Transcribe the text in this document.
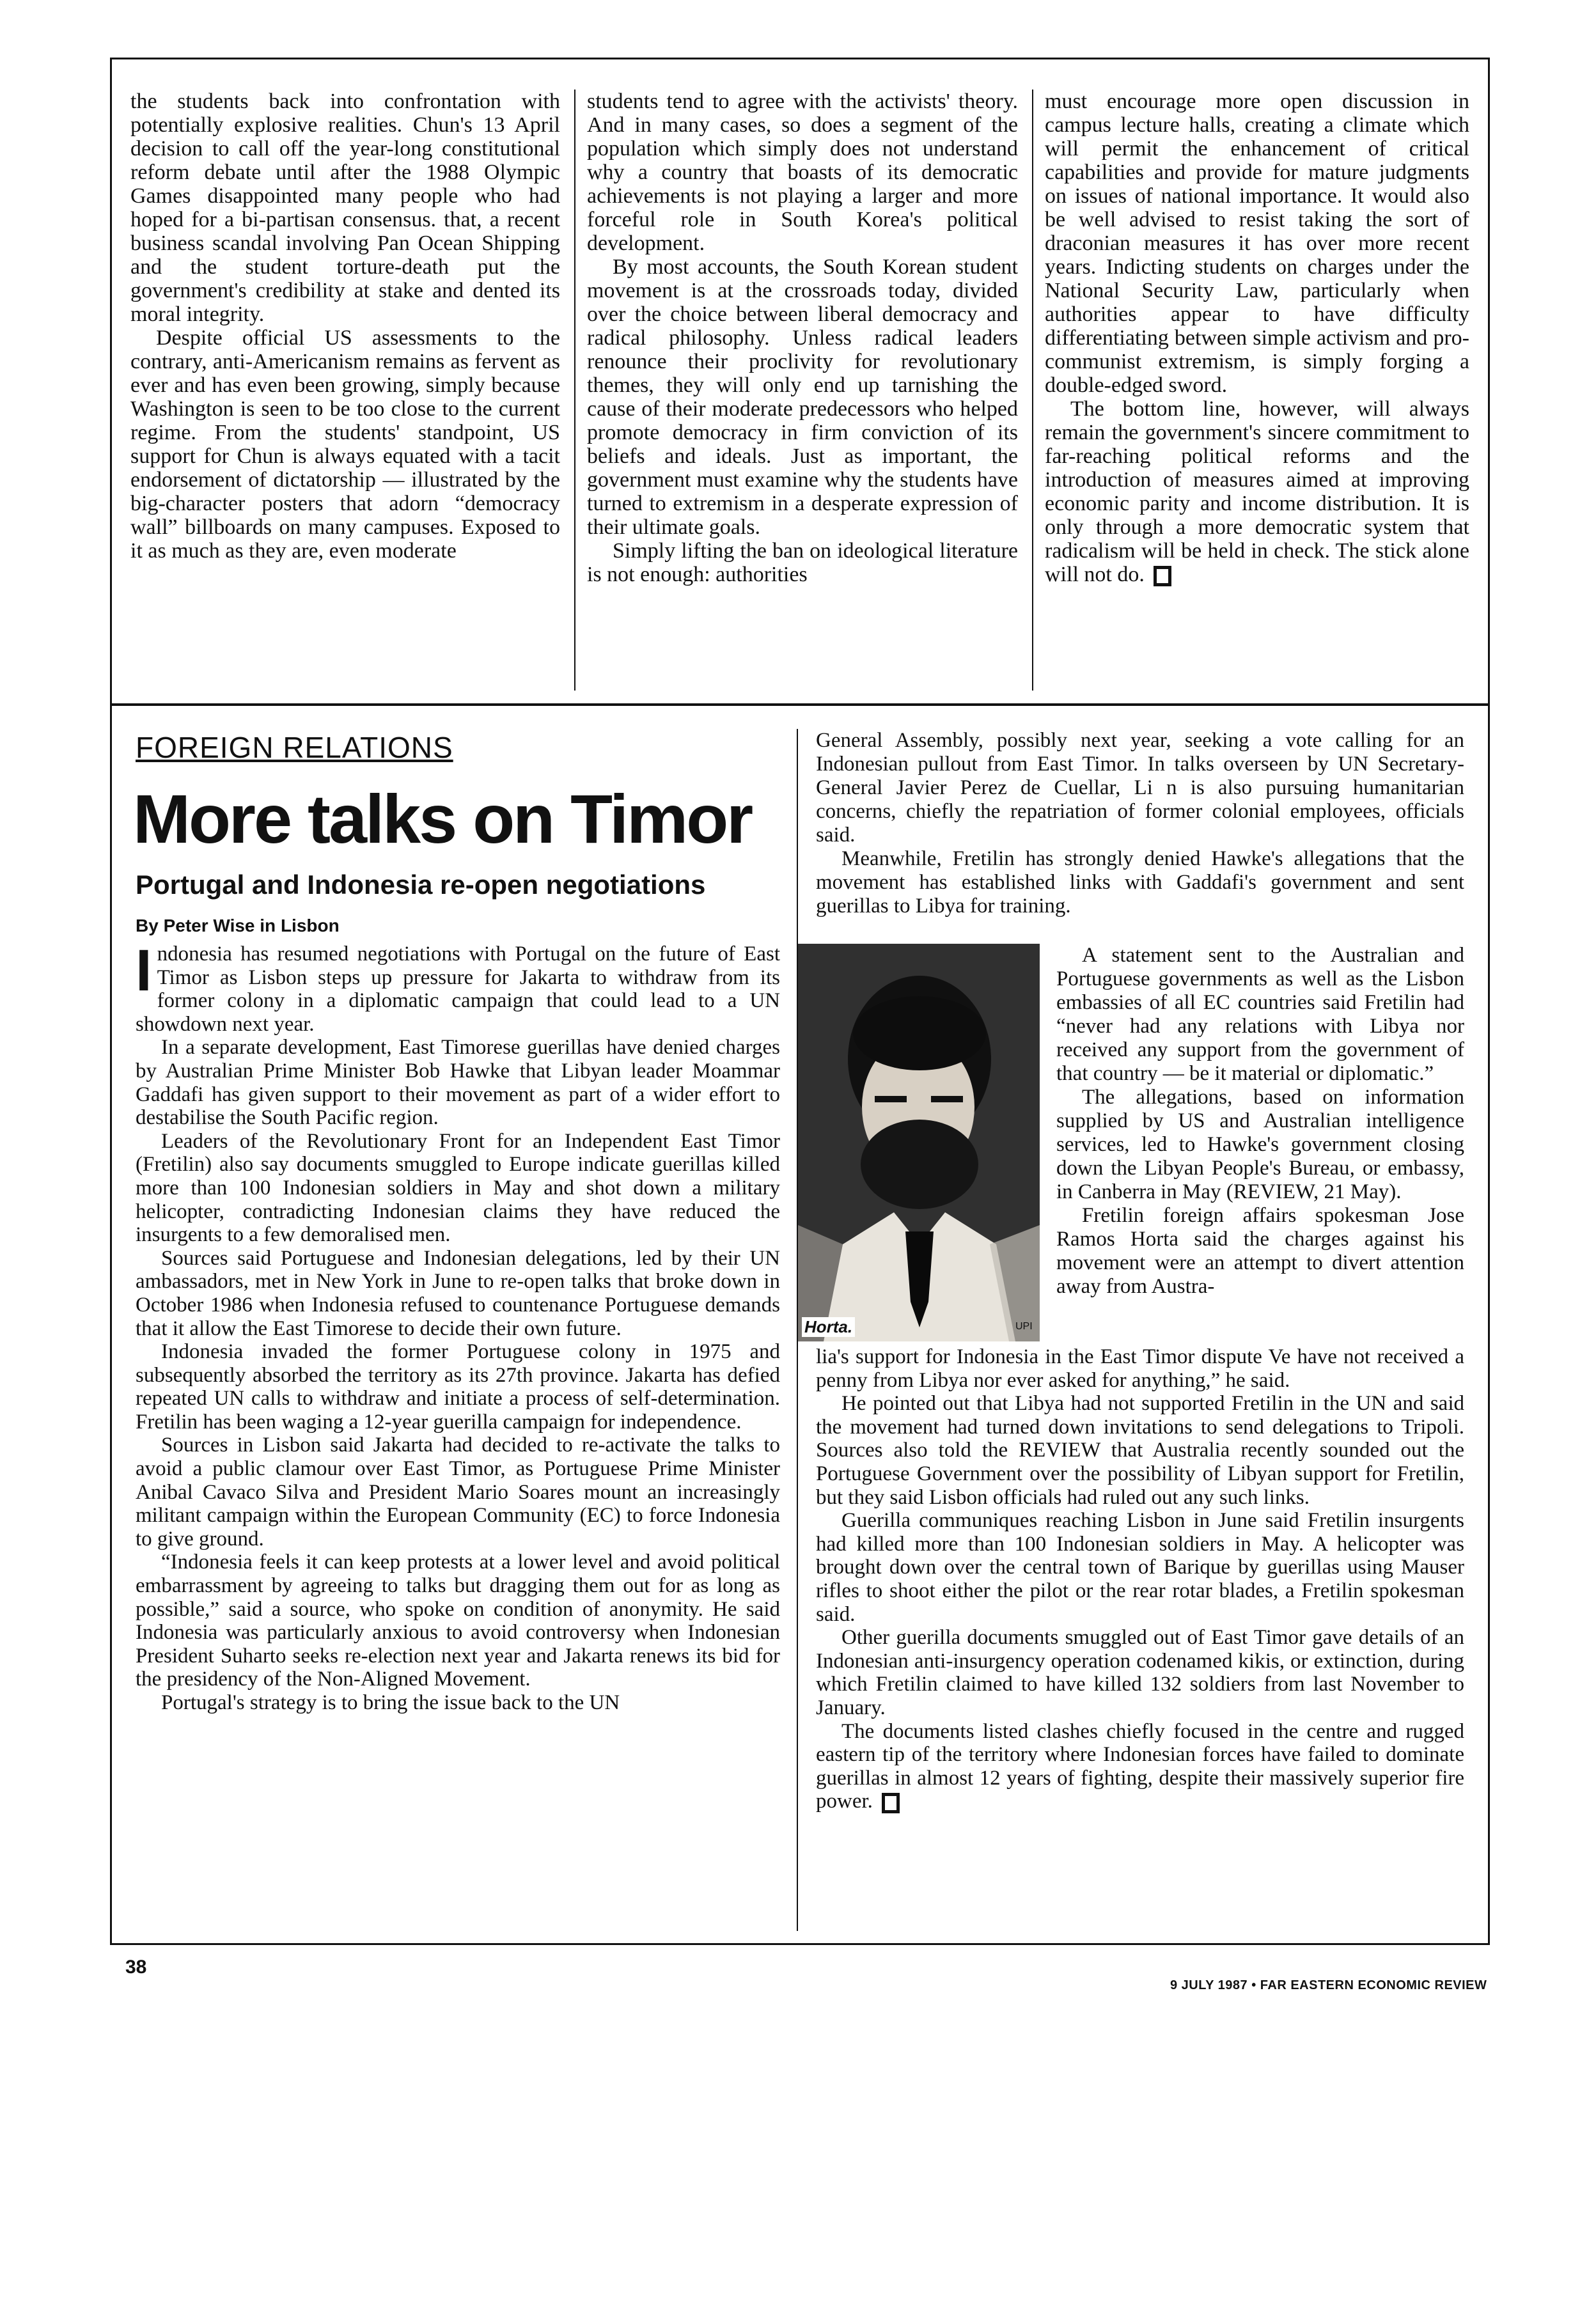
the students back into confrontation with potentially explosive realities. Chun's 13 April decision to call off the year-long constitutional reform debate until after the 1988 Olympic Games disappointed many people who had hoped for a bi-partisan consensus. that, a recent business scandal involving Pan Ocean Shipping and the student torture-death put the government's credibility at stake and dented its moral integrity.

Despite official US assessments to the contrary, anti-Americanism remains as fervent as ever and has even been growing, simply because Washington is seen to be too close to the current regime. From the students' standpoint, US support for Chun is always equated with a tacit endorsement of dictatorship — illustrated by the big-character posters that adorn “democracy wall” billboards on many campuses. Exposed to it as much as they are, even moderate

students tend to agree with the activists' theory. And in many cases, so does a segment of the population which simply does not understand why a country that boasts of its democratic achievements is not playing a larger and more forceful role in South Korea's political development.

By most accounts, the South Korean student movement is at the crossroads today, divided over the choice between liberal democracy and radical philosophy. Unless radical leaders renounce their proclivity for revolutionary themes, they will only end up tarnishing the cause of their moderate predecessors who helped promote democracy in firm conviction of its beliefs and ideals. Just as important, the government must examine why the students have turned to extremism in a desperate expression of their ultimate goals.

Simply lifting the ban on ideological literature is not enough: authorities

must encourage more open discussion in campus lecture halls, creating a climate which will permit the enhancement of critical capabilities and provide for mature judgments on issues of national importance. It would also be well advised to resist taking the sort of draconian measures it has over more recent years. Indicting students on charges under the National Security Law, particularly when authorities appear to have difficulty differentiating between simple activism and pro-communist extremism, is simply forging a double-edged sword.

The bottom line, however, will always remain the government's sincere commitment to far-reaching political reforms and the introduction of measures aimed at improving economic parity and income distribution. It is only through a more democratic system that radicalism will be held in check. The stick alone will not do.

FOREIGN RELATIONS
More talks on Timor
Portugal and Indonesia re-open negotiations
By Peter Wise in Lisbon

Indonesia has resumed negotiations with Portugal on the future of East Timor as Lisbon steps up pressure for Jakarta to withdraw from its former colony in a diplomatic campaign that could lead to a UN showdown next year.

In a separate development, East Timorese guerillas have denied charges by Australian Prime Minister Bob Hawke that Libyan leader Moammar Gaddafi has given support to their movement as part of a wider effort to destabilise the South Pacific region.

Leaders of the Revolutionary Front for an Independent East Timor (Fretilin) also say documents smuggled to Europe indicate guerillas killed more than 100 Indonesian soldiers in May and shot down a military helicopter, contradicting Indonesian claims they have reduced the insurgents to a few demoralised men.

Sources said Portuguese and Indonesian delegations, led by their UN ambassadors, met in New York in June to re-open talks that broke down in October 1986 when Indonesia refused to countenance Portuguese demands that it allow the East Timorese to decide their own future.

Indonesia invaded the former Portuguese colony in 1975 and subsequently absorbed the territory as its 27th province. Jakarta has defied repeated UN calls to withdraw and initiate a process of self-determination. Fretilin has been waging a 12-year guerilla campaign for independence.

Sources in Lisbon said Jakarta had decided to re-activate the talks to avoid a public clamour over East Timor, as Portuguese Prime Minister Anibal Cavaco Silva and President Mario Soares mount an increasingly militant campaign within the European Community (EC) to force Indonesia to give ground.

“Indonesia feels it can keep protests at a lower level and avoid political embarrassment by agreeing to talks but dragging them out for as long as possible,” said a source, who spoke on condition of anonymity. He said Indonesia was particularly anxious to avoid controversy when Indonesian President Suharto seeks re-election next year and Jakarta renews its bid for the presidency of the Non-Aligned Movement.

Portugal's strategy is to bring the issue back to the UN

General Assembly, possibly next year, seeking a vote calling for an Indonesian pullout from East Timor. In talks overseen by UN Secretary-General Javier Perez de Cuellar, Li n is also pursuing humanitarian concerns, chiefly the repatriation of former colonial employees, officials said.

Meanwhile, Fretilin has strongly denied Hawke's allegations that the movement has established links with Gaddafi's government and sent guerillas to Libya for training.

Horta.	UPI

A statement sent to the Australian and Portuguese governments as well as the Lisbon embassies of all EC countries said Fretilin had “never had any relations with Libya nor received any support from the government of that country — be it material or diplomatic.”

The allegations, based on information supplied by US and Australian intelligence services, led to Hawke's government closing down the Libyan People's Bureau, or embassy, in Canberra in May (REVIEW, 21 May).

Fretilin foreign affairs spokesman Jose Ramos Horta said the charges against his movement were an attempt to divert attention away from Austra-

lia's support for Indonesia in the East Timor dispute Ve have not received a penny from Libya nor ever asked for anything,” he said.

He pointed out that Libya had not supported Fretilin in the UN and said the movement had turned down invitations to send delegations to Tripoli. Sources also told the REVIEW that Australia recently sounded out the Portuguese Government over the possibility of Libyan support for Fretilin, but they said Lisbon officials had ruled out any such links.

Guerilla communiques reaching Lisbon in June said Fretilin insurgents had killed more than 100 Indonesian soldiers in May. A helicopter was brought down over the central town of Barique by guerillas using Mauser rifles to shoot either the pilot or the rear rotar blades, a Fretilin spokesman said.

Other guerilla documents smuggled out of East Timor gave details of an Indonesian anti-insurgency operation codenamed kikis, or extinction, during which Fretilin claimed to have killed 132 soldiers from last November to January.

The documents listed clashes chiefly focused in the centre and rugged eastern tip of the territory where Indonesian forces have failed to dominate guerillas in almost 12 years of fighting, despite their massively superior fire power.

38
9 JULY 1987 • FAR EASTERN ECONOMIC REVIEW
